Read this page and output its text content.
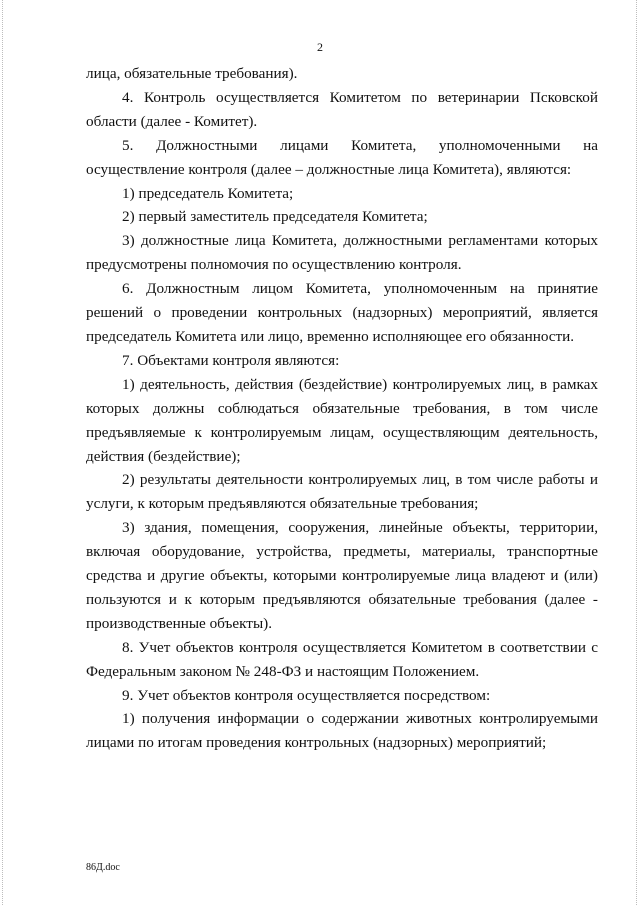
2

лица, обязательные требования).

4. Контроль осуществляется Комитетом по ветеринарии Псковской области (далее - Комитет).

5. Должностными лицами Комитета, уполномоченными на осуществление контроля (далее – должностные лица Комитета), являются:

1) председатель Комитета;

2) первый заместитель председателя Комитета;

3) должностные лица Комитета, должностными регламентами которых предусмотрены полномочия по осуществлению контроля.

6. Должностным лицом Комитета, уполномоченным на принятие решений о проведении контрольных (надзорных) мероприятий, является председатель Комитета или лицо, временно исполняющее его обязанности.

7. Объектами контроля являются:

1) деятельность, действия (бездействие) контролируемых лиц, в рамках которых должны соблюдаться обязательные требования, в том числе предъявляемые к контролируемым лицам, осуществляющим деятельность, действия (бездействие);

2) результаты деятельности контролируемых лиц, в том числе работы и услуги, к которым предъявляются обязательные требования;

3) здания, помещения, сооружения, линейные объекты, территории, включая оборудование, устройства, предметы, материалы, транспортные средства и другие объекты, которыми контролируемые лица владеют и (или) пользуются и к которым предъявляются обязательные требования (далее - производственные объекты).

8. Учет объектов контроля осуществляется Комитетом в соответствии с Федеральным законом № 248-ФЗ и настоящим Положением.

9. Учет объектов контроля осуществляется посредством:

1) получения информации о содержании животных контролируемыми лицами по итогам проведения контрольных (надзорных) мероприятий;

86Д.doc
